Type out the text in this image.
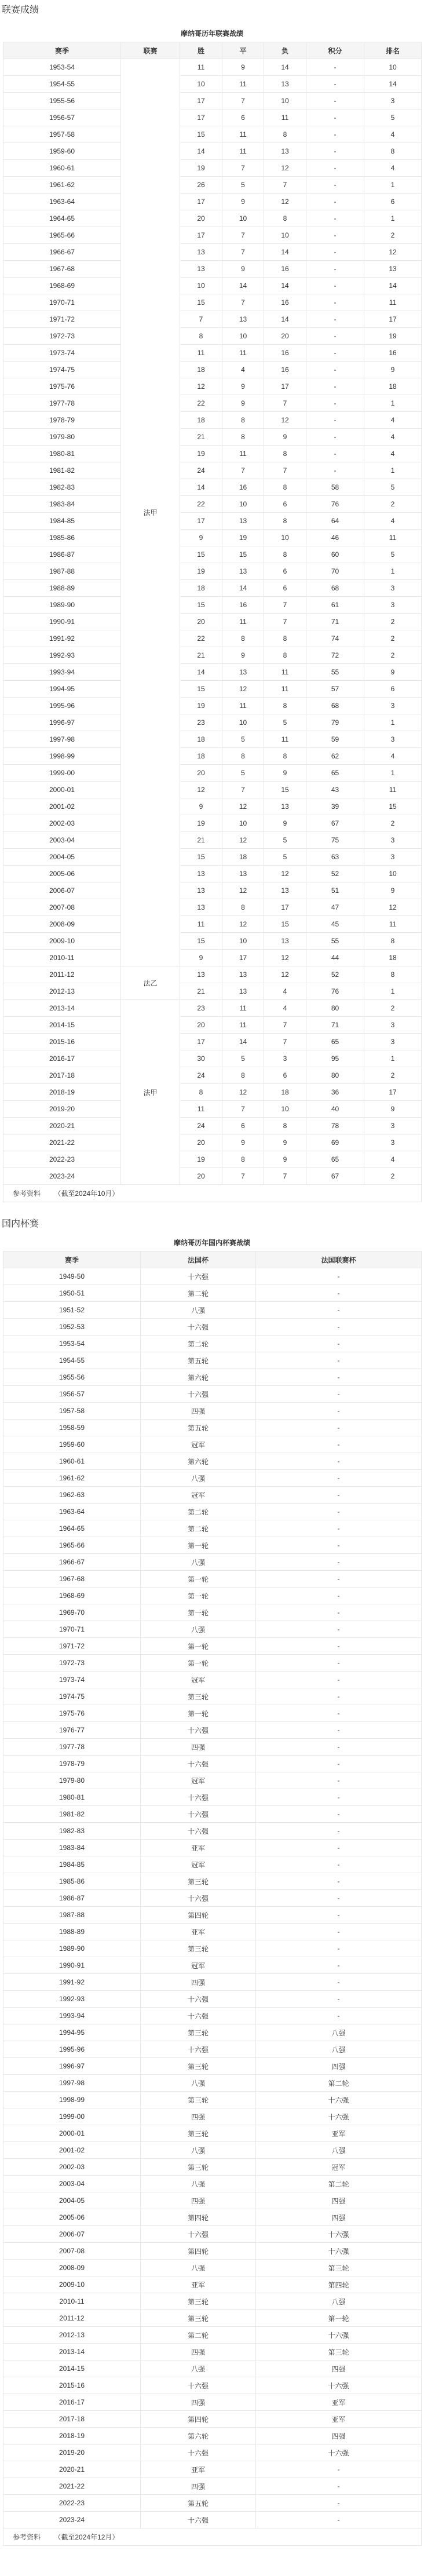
联赛成绩
摩纳哥历年联赛战绩
赛季	联赛	胜	平	负	积分	排名
1953-54	法甲	11	9	14	-	10
1954-55		10	11	13	-	14
1955-56		17	7	10	-	3
1956-57		17	6	11	-	5
1957-58		15	11	8	-	4
1959-60		14	11	13	-	8
1960-61		19	7	12	-	4
1961-62		26	5	7	-	1
1963-64		17	9	12	-	6
1964-65		20	10	8	-	1
1965-66		17	7	10	-	2
1966-67		13	7	14	-	12
1967-68		13	9	16	-	13
1968-69		10	14	14	-	14
1970-71		15	7	16	-	11
1971-72		7	13	14	-	17
1972-73		8	10	20	-	19
1973-74		11	11	16	-	16
1974-75		18	4	16	-	9
1975-76		12	9	17	-	18
1977-78		22	9	7	-	1
1978-79		18	8	12	-	4
1979-80		21	8	9	-	4
1980-81		19	11	8	-	4
1981-82		24	7	7	-	1
1982-83		14	16	8	58	5
1983-84		22	10	6	76	2
1984-85		17	13	8	64	4
1985-86		9	19	10	46	11
1986-87		15	15	8	60	5
1987-88		19	13	6	70	1
1988-89		18	14	6	68	3
1989-90		15	16	7	61	3
1990-91		20	11	7	71	2
1991-92		22	8	8	74	2
1992-93		21	9	8	72	2
1993-94		14	13	11	55	9
1994-95		15	12	11	57	6
1995-96		19	11	8	68	3
1996-97		23	10	5	79	1
1997-98		18	5	11	59	3
1998-99		18	8	8	62	4
1999-00		20	5	9	65	1
2000-01		12	7	15	43	11
2001-02		9	12	13	39	15
2002-03		19	10	9	67	2
2003-04		21	12	5	75	3
2004-05		15	18	5	63	3
2005-06		13	13	12	52	10
2006-07		13	12	13	51	9
2007-08		13	8	17	47	12
2008-09		11	12	15	45	11
2009-10		15	10	13	55	8
2010-11		9	17	12	44	18
2011-12	法乙	13	13	12	52	8
2012-13		21	13	4	76	1
2013-14	法甲	23	11	4	80	2
2014-15		20	11	7	71	3
2015-16		17	14	7	65	3
2016-17		30	5	3	95	1
2017-18		24	8	6	80	2
2018-19		8	12	18	36	17
2019-20		11	7	10	40	9
2020-21		24	6	8	78	3
2021-22		20	9	9	69	3
2022-23		19	8	9	65	4
2023-24		20	7	7	67	2
参考资料 （截至2024年10月）						
国内杯赛
摩纳哥历年国内杯赛战绩
赛季	法国杯	法国联赛杯
1949-50	十六强	-
1950-51	第二轮	-
1951-52	八强	-
1952-53	十六强	-
1953-54	第二轮	-
1954-55	第五轮	-
1955-56	第六轮	-
1956-57	十六强	-
1957-58	四强	-
1958-59	第五轮	-
1959-60	冠军	-
1960-61	第六轮	-
1961-62	八强	-
1962-63	冠军	-
1963-64	第二轮	-
1964-65	第二轮	-
1965-66	第一轮	-
1966-67	八强	-
1967-68	第一轮	-
1968-69	第一轮	-
1969-70	第一轮	-
1970-71	八强	-
1971-72	第一轮	-
1972-73	第一轮	-
1973-74	冠军	-
1974-75	第三轮	-
1975-76	第一轮	-
1976-77	十六强	-
1977-78	四强	-
1978-79	十六强	-
1979-80	冠军	-
1980-81	十六强	-
1981-82	十六强	-
1982-83	十六强	-
1983-84	亚军	-
1984-85	冠军	-
1985-86	第三轮	-
1986-87	十六强	-
1987-88	第四轮	-
1988-89	亚军	-
1989-90	第三轮	-
1990-91	冠军	-
1991-92	四强	-
1992-93	十六强	-
1993-94	十六强	-
1994-95	第三轮	八强
1995-96	十六强	八强
1996-97	第三轮	四强
1997-98	八强	第二轮
1998-99	第三轮	十六强
1999-00	四强	十六强
2000-01	第三轮	亚军
2001-02	八强	八强
2002-03	第三轮	冠军
2003-04	八强	第二轮
2004-05	四强	四强
2005-06	第四轮	四强
2006-07	十六强	十六强
2007-08	第四轮	十六强
2008-09	八强	第三轮
2009-10	亚军	第四轮
2010-11	第三轮	八强
2011-12	第三轮	第一轮
2012-13	第二轮	十六强
2013-14	四强	第三轮
2014-15	八强	四强
2015-16	十六强	十六强
2016-17	四强	亚军
2017-18	第四轮	亚军
2018-19	第六轮	四强
2019-20	十六强	十六强
2020-21	亚军	-
2021-22	四强	-
2022-23	第五轮	-
2023-24	十六强	-
参考资料 （截至2024年12月）		
